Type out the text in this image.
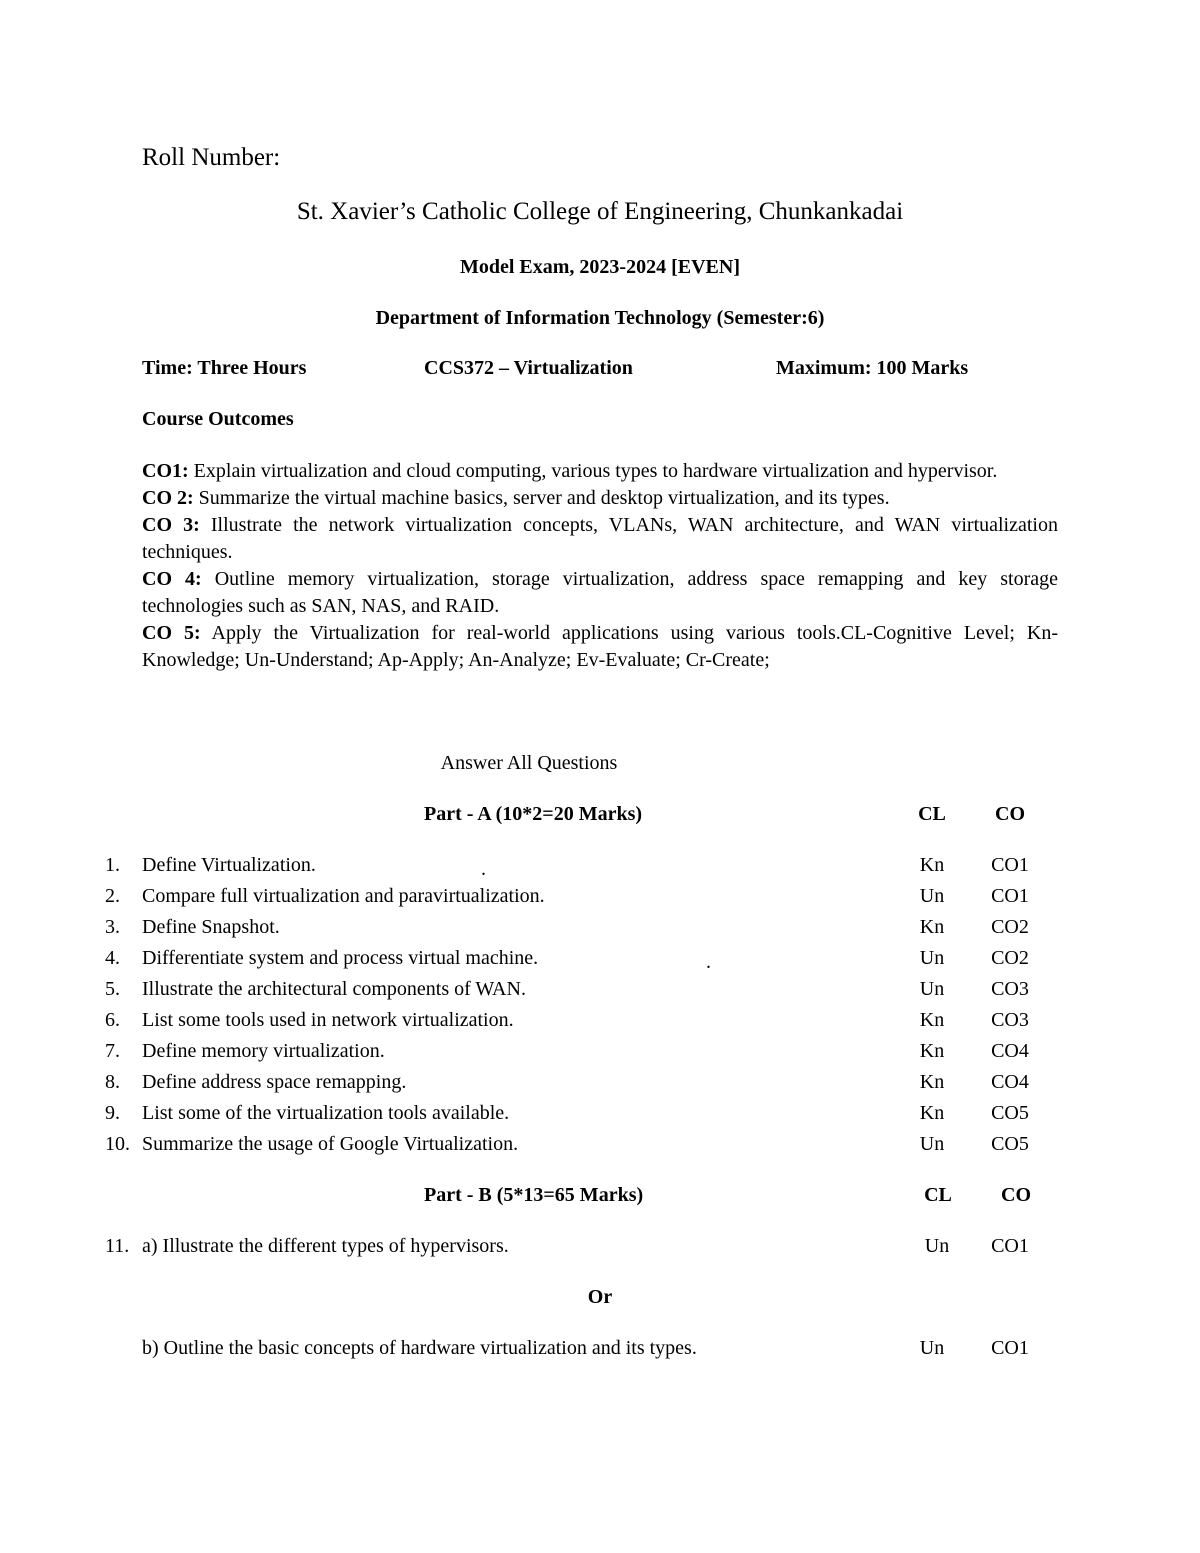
Roll Number:
St. Xavier’s Catholic College of Engineering, Chunkankadai
Model Exam, 2023-2024 [EVEN]
Department of Information Technology (Semester:6)
Time: Three Hours	CCS372 – Virtualization	Maximum: 100 Marks
Course Outcomes

CO1: Explain virtualization and cloud computing, various types to hardware virtualization and hypervisor.

CO 2: Summarize the virtual machine basics, server and desktop virtualization, and its types.

CO 3: Illustrate the network virtualization concepts, VLANs, WAN architecture, and WAN virtualization techniques.

CO 4: Outline memory virtualization, storage virtualization, address space remapping and key storage technologies such as SAN, NAS, and RAID.

CO 5: Apply the Virtualization for real-world applications using various tools.CL-Cognitive Level; Kn-Knowledge; Un-Understand; Ap-Apply; An-Analyze; Ev-Evaluate; Cr-Create;

Answer All Questions
Part - A (10*2=20 Marks)	CL	CO
1.	Define Virtualization.	Kn	CO1
2.	Compare full virtualization and paravirtualization.	Un	CO1
3.	Define Snapshot.	Kn	CO2
4.	Differentiate system and process virtual machine.	Un	CO2
5.	Illustrate the architectural components of WAN.	Un	CO3
6.	List some tools used in network virtualization.	Kn	CO3
7.	Define memory virtualization.	Kn	CO4
8.	Define address space remapping.	Kn	CO4
9.	List some of the virtualization tools available.	Kn	CO5
10. Summarize the usage of Google Virtualization.	Un	CO5
.
.
Part - B (5*13=65 Marks)	CL	CO
11. a) Illustrate the different types of hypervisors.	Un	CO1
Or
b) Outline the basic concepts of hardware virtualization and its types.	Un	CO1
